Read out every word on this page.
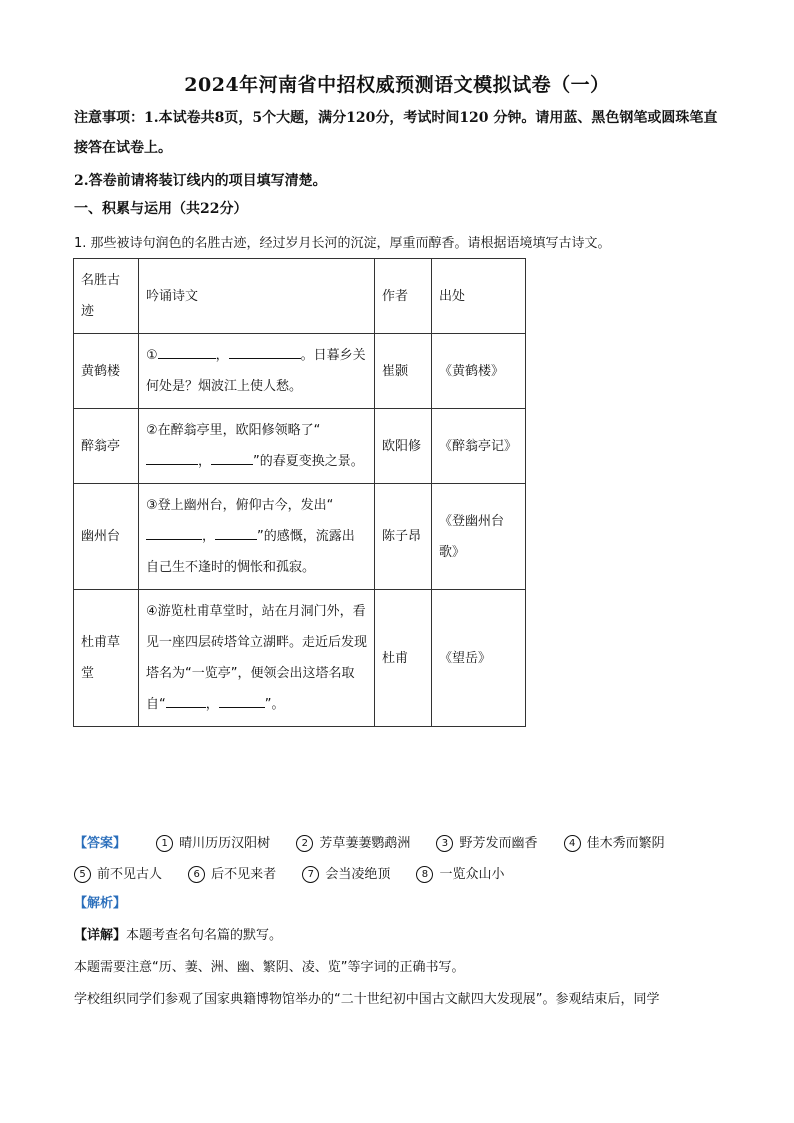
2024年河南省中招权威预测语文模拟试卷（一）
注意事项：1.本试卷共8页，5个大题，满分120分，考试时间120 分钟。请用蓝、黑色钢笔或圆珠笔直接答在试卷上。
2.答卷前请将装订线内的项目填写清楚。
一、积累与运用（共22分）
1. 那些被诗句润色的名胜古迹，经过岁月长河的沉淀，厚重而醇香。请根据语境填写古诗文。
名胜古迹	吟诵诗文	作者	出处
黄鹤楼	① ， 。日暮乡关何处是？烟波江上使人愁。	崔颢	《黄鹤楼》
醉翁亭	②在醉翁亭里，欧阳修领略了“， ”的春夏变换之景。	欧阳修	《醉翁亭记》
幽州台	③登上幽州台，俯仰古今，发出“， ”的感慨，流露出自己生不逢时的惆怅和孤寂。	陈子昂	《登幽州台歌》
杜甫草堂	④游览杜甫草堂时，站在月洞门外，看见一座四层砖塔耸立湖畔。走近后发现塔名为“一览亭”，便领会出这塔名取自“ ， ”。	杜甫	《望岳》
【答案】	1 晴川历历汉阳树	2 芳草萋萋鹦鹉洲	3 野芳发而幽香	4 佳木秀而繁阴
5 前不见古人	6 后不见来者	7 会当凌绝顶	8 一览众山小
【解析】
【详解】本题考查名句名篇的默写。
本题需要注意“历、萋、洲、幽、繁阴、凌、览”等字词的正确书写。
学校组织同学们参观了国家典籍博物馆举办的“二十世纪初中国古文献四大发现展”。参观结束后，同学
